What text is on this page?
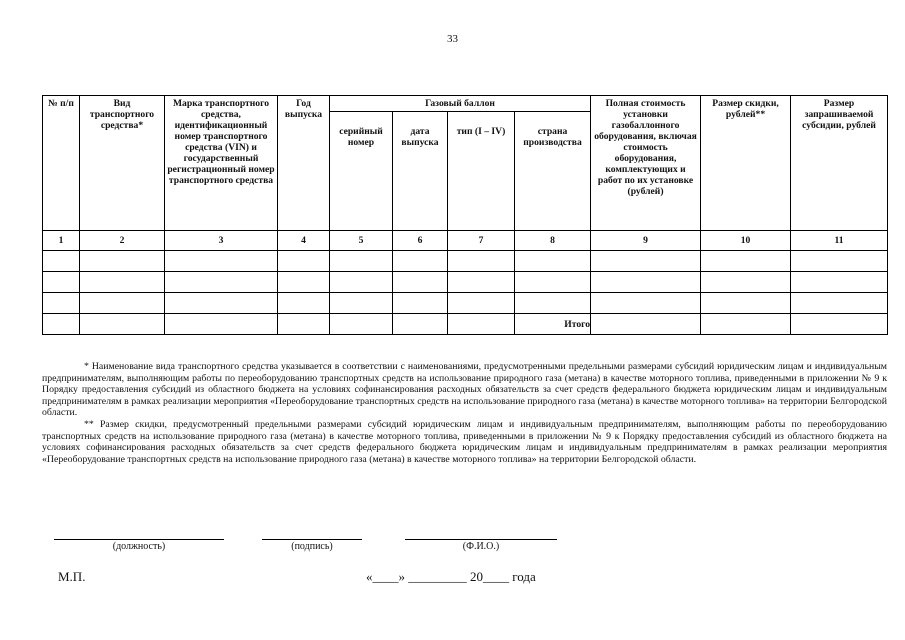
33
№ п/п	Вид транспортного средства*	Марка транспортного средства, идентификационный номер транспортного средства (VIN) и государственный регистрационный номер транспортного средства	Год выпуска	Газовый баллон				Полная стоимость установки газобаллонного оборудования, включая стоимость оборудования, комплектующих и работ по их установке (рублей)	Размер скидки, рублей**	Размер запрашиваемой субсидии, рублей
				серийный номер	дата выпуска	тип (I – IV)	страна производства			
1	2	3	4	5	6	7	8	9	10	11

							Итого			

* Наименование вида транспортного средства указывается в соответствии с наименованиями, предусмотренными предельными размерами субсидий юридическим лицам и индивидуальным предпринимателям, выполняющим работы по переоборудованию транспортных средств на использование природного газа (метана) в качестве моторного топлива, приведенными в приложении № 9 к Порядку предоставления субсидий из областного бюджета на условиях софинансирования расходных обязательств за счет средств федерального бюджета юридическим лицам и индивидуальным предпринимателям в рамках реализации мероприятия «Переоборудование транспортных средств на использование природного газа (метана) в качестве моторного топлива» на территории Белгородской области.

** Размер скидки, предусмотренный предельными размерами субсидий юридическим лицам и индивидуальным предпринимателям, выполняющим работы по переоборудованию транспортных средств на использование природного газа (метана) в качестве моторного топлива, приведенными в приложении № 9 к Порядку предоставления субсидий из областного бюджета на условиях софинансирования расходных обязательств за счет средств федерального бюджета юридическим лицам и индивидуальным предпринимателям в рамках реализации мероприятия «Переоборудование транспортных средств на использование природного газа (метана) в качестве моторного топлива» на территории Белгородской области.

(должность)	(подпись)	(Ф.И.О.)
М.П.	«____» _________ 20____ года
